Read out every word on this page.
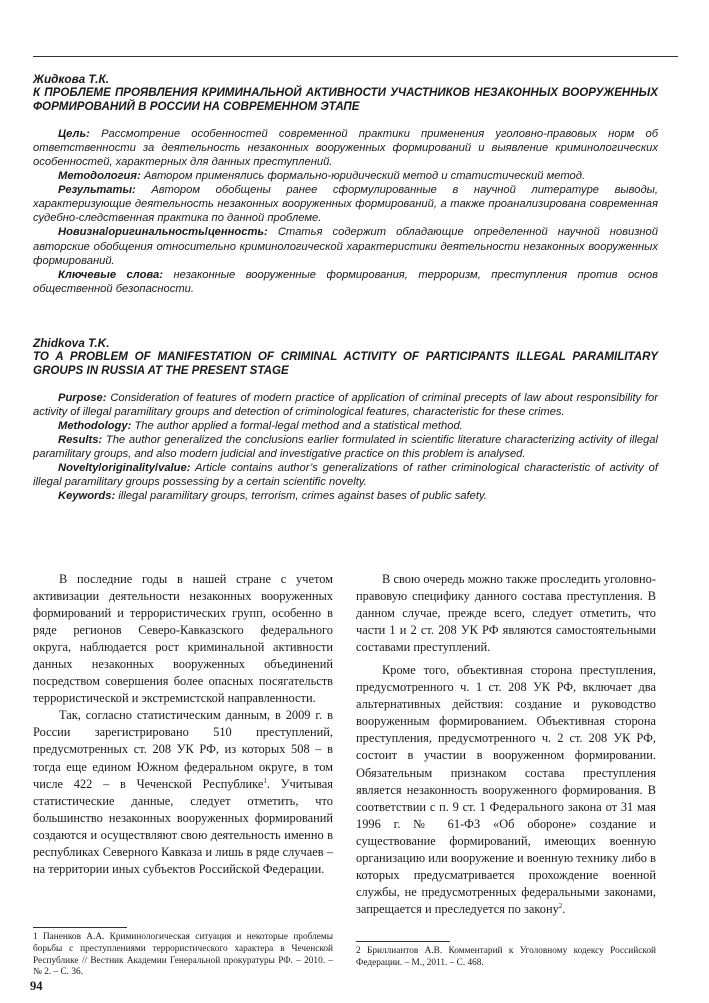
Жидкова Т.К.
К ПРОБЛЕМЕ ПРОЯВЛЕНИЯ КРИМИНАЛЬНОЙ АКТИВНОСТИ УЧАСТНИКОВ НЕЗАКОННЫХ ВООРУЖЕННЫХ ФОРМИРОВАНИЙ В РОССИИ НА СОВРЕМЕННОМ ЭТАПЕ

Цель: Рассмотрение особенностей современной практики применения уголовно-правовых норм об ответственности за деятельность незаконных вооруженных формирований и выявление криминологических особенностей, характерных для данных преступлений.

Методология: Автором применялись формально-юридический метод и статистический метод.

Результаты: Автором обобщены ранее сформулированные в научной литературе выводы, характеризующие деятельность незаконных вооруженных формирований, а также проанализирована современная судебно-следственная практика по данной проблеме.

Новизна/оригинальность/ценность: Статья содержит обладающие определенной научной новизной авторские обобщения относительно криминологической характеристики деятельности незаконных вооруженных формирований.

Ключевые слова: незаконные вооруженные формирования, терроризм, преступления против основ общественной безопасности.

Zhidkova T.K.
TO A PROBLEM OF MANIFESTATION OF CRIMINAL ACTIVITY OF PARTICIPANTS ILLEGAL PARAMILITARY GROUPS IN RUSSIA AT THE PRESENT STAGE

Purpose: Consideration of features of modern practice of application of criminal precepts of law about responsibility for activity of illegal paramilitary groups and detection of criminological features, characteristic for these crimes.

Methodology: The author applied a formal-legal method and a statistical method.

Results: The author generalized the conclusions earlier formulated in scientific literature characterizing activity of illegal paramilitary groups, and also modern judicial and investigative practice on this problem is analysed.

Novelty/originality/value: Article contains author’s generalizations of rather criminological characteristic of activity of illegal paramilitary groups possessing by a certain scientific novelty.

Keywords: illegal paramilitary groups, terrorism, crimes against bases of public safety.

В последние годы в нашей стране с учетом активизации деятельности незаконных вооруженных формирований и террористических групп, особенно в ряде регионов Северо-Кавказского федерального округа, наблюдается рост криминальной активности данных незаконных вооруженных объединений посредством совершения более опасных посягательств террористической и экстремистской направленности.

Так, согласно статистическим данным, в 2009 г. в России зарегистрировано 510 преступлений, предусмотренных ст. 208 УК РФ, из которых 508 – в тогда еще едином Южном федеральном округе, в том числе 422 – в Чеченской Республике$^1$. Учитывая статистические данные, следует отметить, что большинство незаконных вооруженных формирований создаются и осуществляют свою деятельность именно в республиках Северного Кавказа и лишь в ряде случаев – на территории иных субъектов Российской Федерации.

В свою очередь можно также проследить уголовно-правовую специфику данного состава преступления. В данном случае, прежде всего, следует отметить, что части 1 и 2 ст. 208 УК РФ являются самостоятельными составами преступлений.

Кроме того, объективная сторона преступления, предусмотренного ч. 1 ст. 208 УК РФ, включает два альтернативных действия: создание и руководство вооруженным формированием. Объективная сторона преступления, предусмотренного ч. 2 ст. 208 УК РФ, состоит в участии в вооруженном формировании. Обязательным признаком состава преступления является незаконность вооруженного формирования. В соответствии с п. 9 ст. 1 Федерального закона от 31 мая 1996 г. № 61-ФЗ «Об обороне» создание и существование формирований, имеющих военную организацию или вооружение и военную технику либо в которых предусматривается прохождение военной службы, не предусмотренных федеральными законами, запрещается и преследуется по закону$^2$.

1 Паненков А.А. Криминологическая ситуация и некоторые проблемы борьбы с преступлениями террористического характера в Чеченской Республике // Вестник Академии Генеральной прокуратуры РФ. – 2010. – № 2. – С. 36.
2 Бриллиантов А.В. Комментарий к Уголовному кодексу Российской Федерации. – М., 2011. – С. 468.
94
